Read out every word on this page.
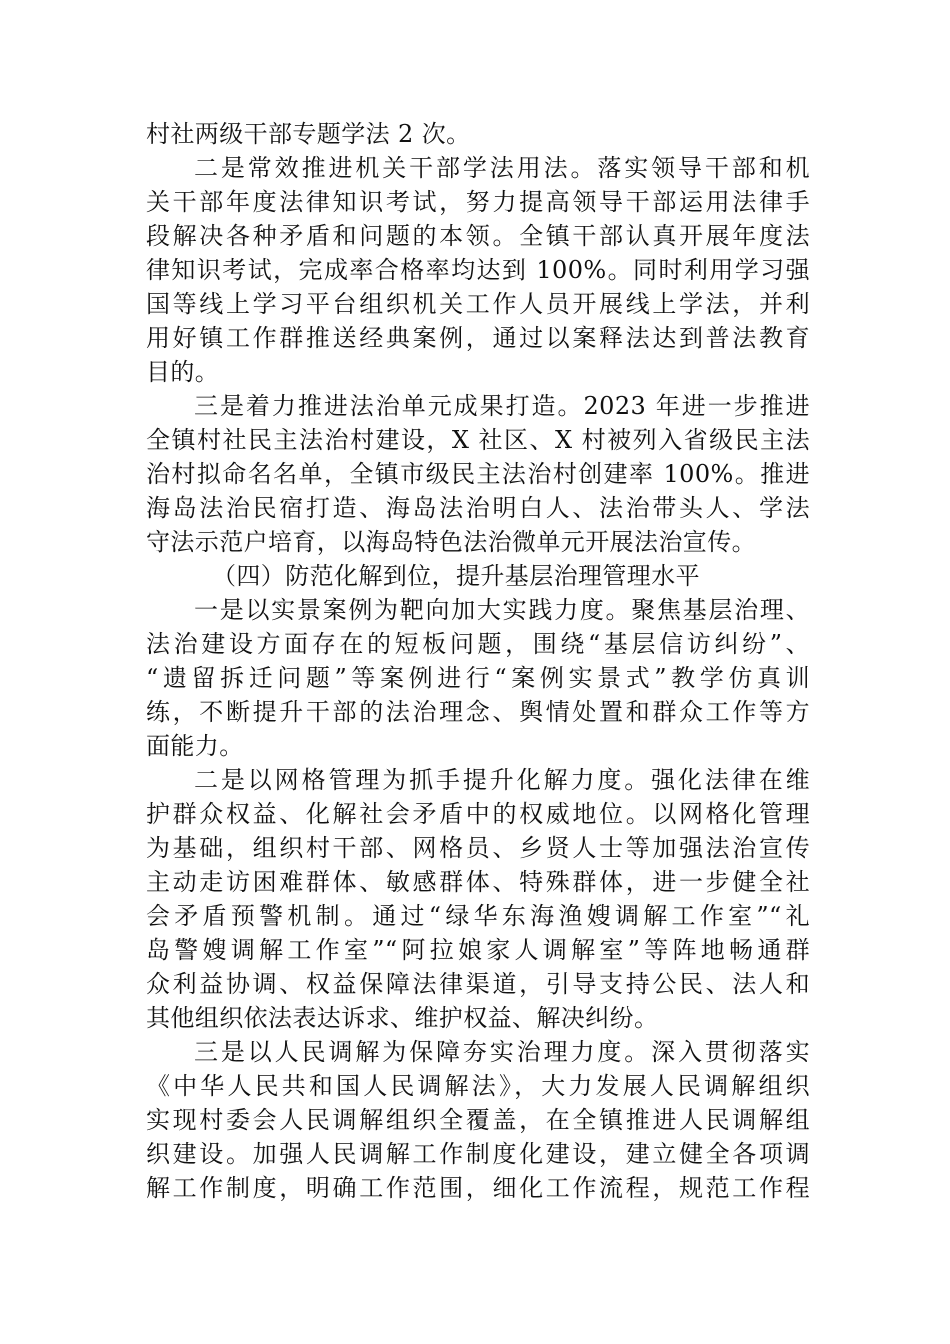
村社两级干部专题学法 2 次。
二是常效推进机关干部学法用法。落实领导干部和机
关干部年度法律知识考试，努力提高领导干部运用法律手
段解决各种矛盾和问题的本领。全镇干部认真开展年度法
律知识考试，完成率合格率均达到 100%。同时利用学习强
国等线上学习平台组织机关工作人员开展线上学法，并利
用好镇工作群推送经典案例，通过以案释法达到普法教育
目的。
三是着力推进法治单元成果打造。2023 年进一步推进
全镇村社民主法治村建设，X 社区、X 村被列入省级民主法
治村拟命名名单，全镇市级民主法治村创建率 100%。推进
海岛法治民宿打造、海岛法治明白人、法治带头人、学法
守法示范户培育，以海岛特色法治微单元开展法治宣传。
（四）防范化解到位，提升基层治理管理水平
一是以实景案例为靶向加大实践力度。聚焦基层治理、
法治建设方面存在的短板问题，围绕“基层信访纠纷”、
“遗留拆迁问题”等案例进行“案例实景式”教学仿真训
练，不断提升干部的法治理念、舆情处置和群众工作等方
面能力。
二是以网格管理为抓手提升化解力度。强化法律在维
护群众权益、化解社会矛盾中的权威地位。以网格化管理
为基础，组织村干部、网格员、乡贤人士等加强法治宣传
主动走访困难群体、敏感群体、特殊群体，进一步健全社
会矛盾预警机制。通过“绿华东海渔嫂调解工作室”“礼
岛警嫂调解工作室”“阿拉娘家人调解室”等阵地畅通群
众利益协调、权益保障法律渠道，引导支持公民、法人和
其他组织依法表达诉求、维护权益、解决纠纷。
三是以人民调解为保障夯实治理力度。深入贯彻落实
《中华人民共和国人民调解法》，大力发展人民调解组织
实现村委会人民调解组织全覆盖，在全镇推进人民调解组
织建设。加强人民调解工作制度化建设，建立健全各项调
解工作制度，明确工作范围，细化工作流程，规范工作程
